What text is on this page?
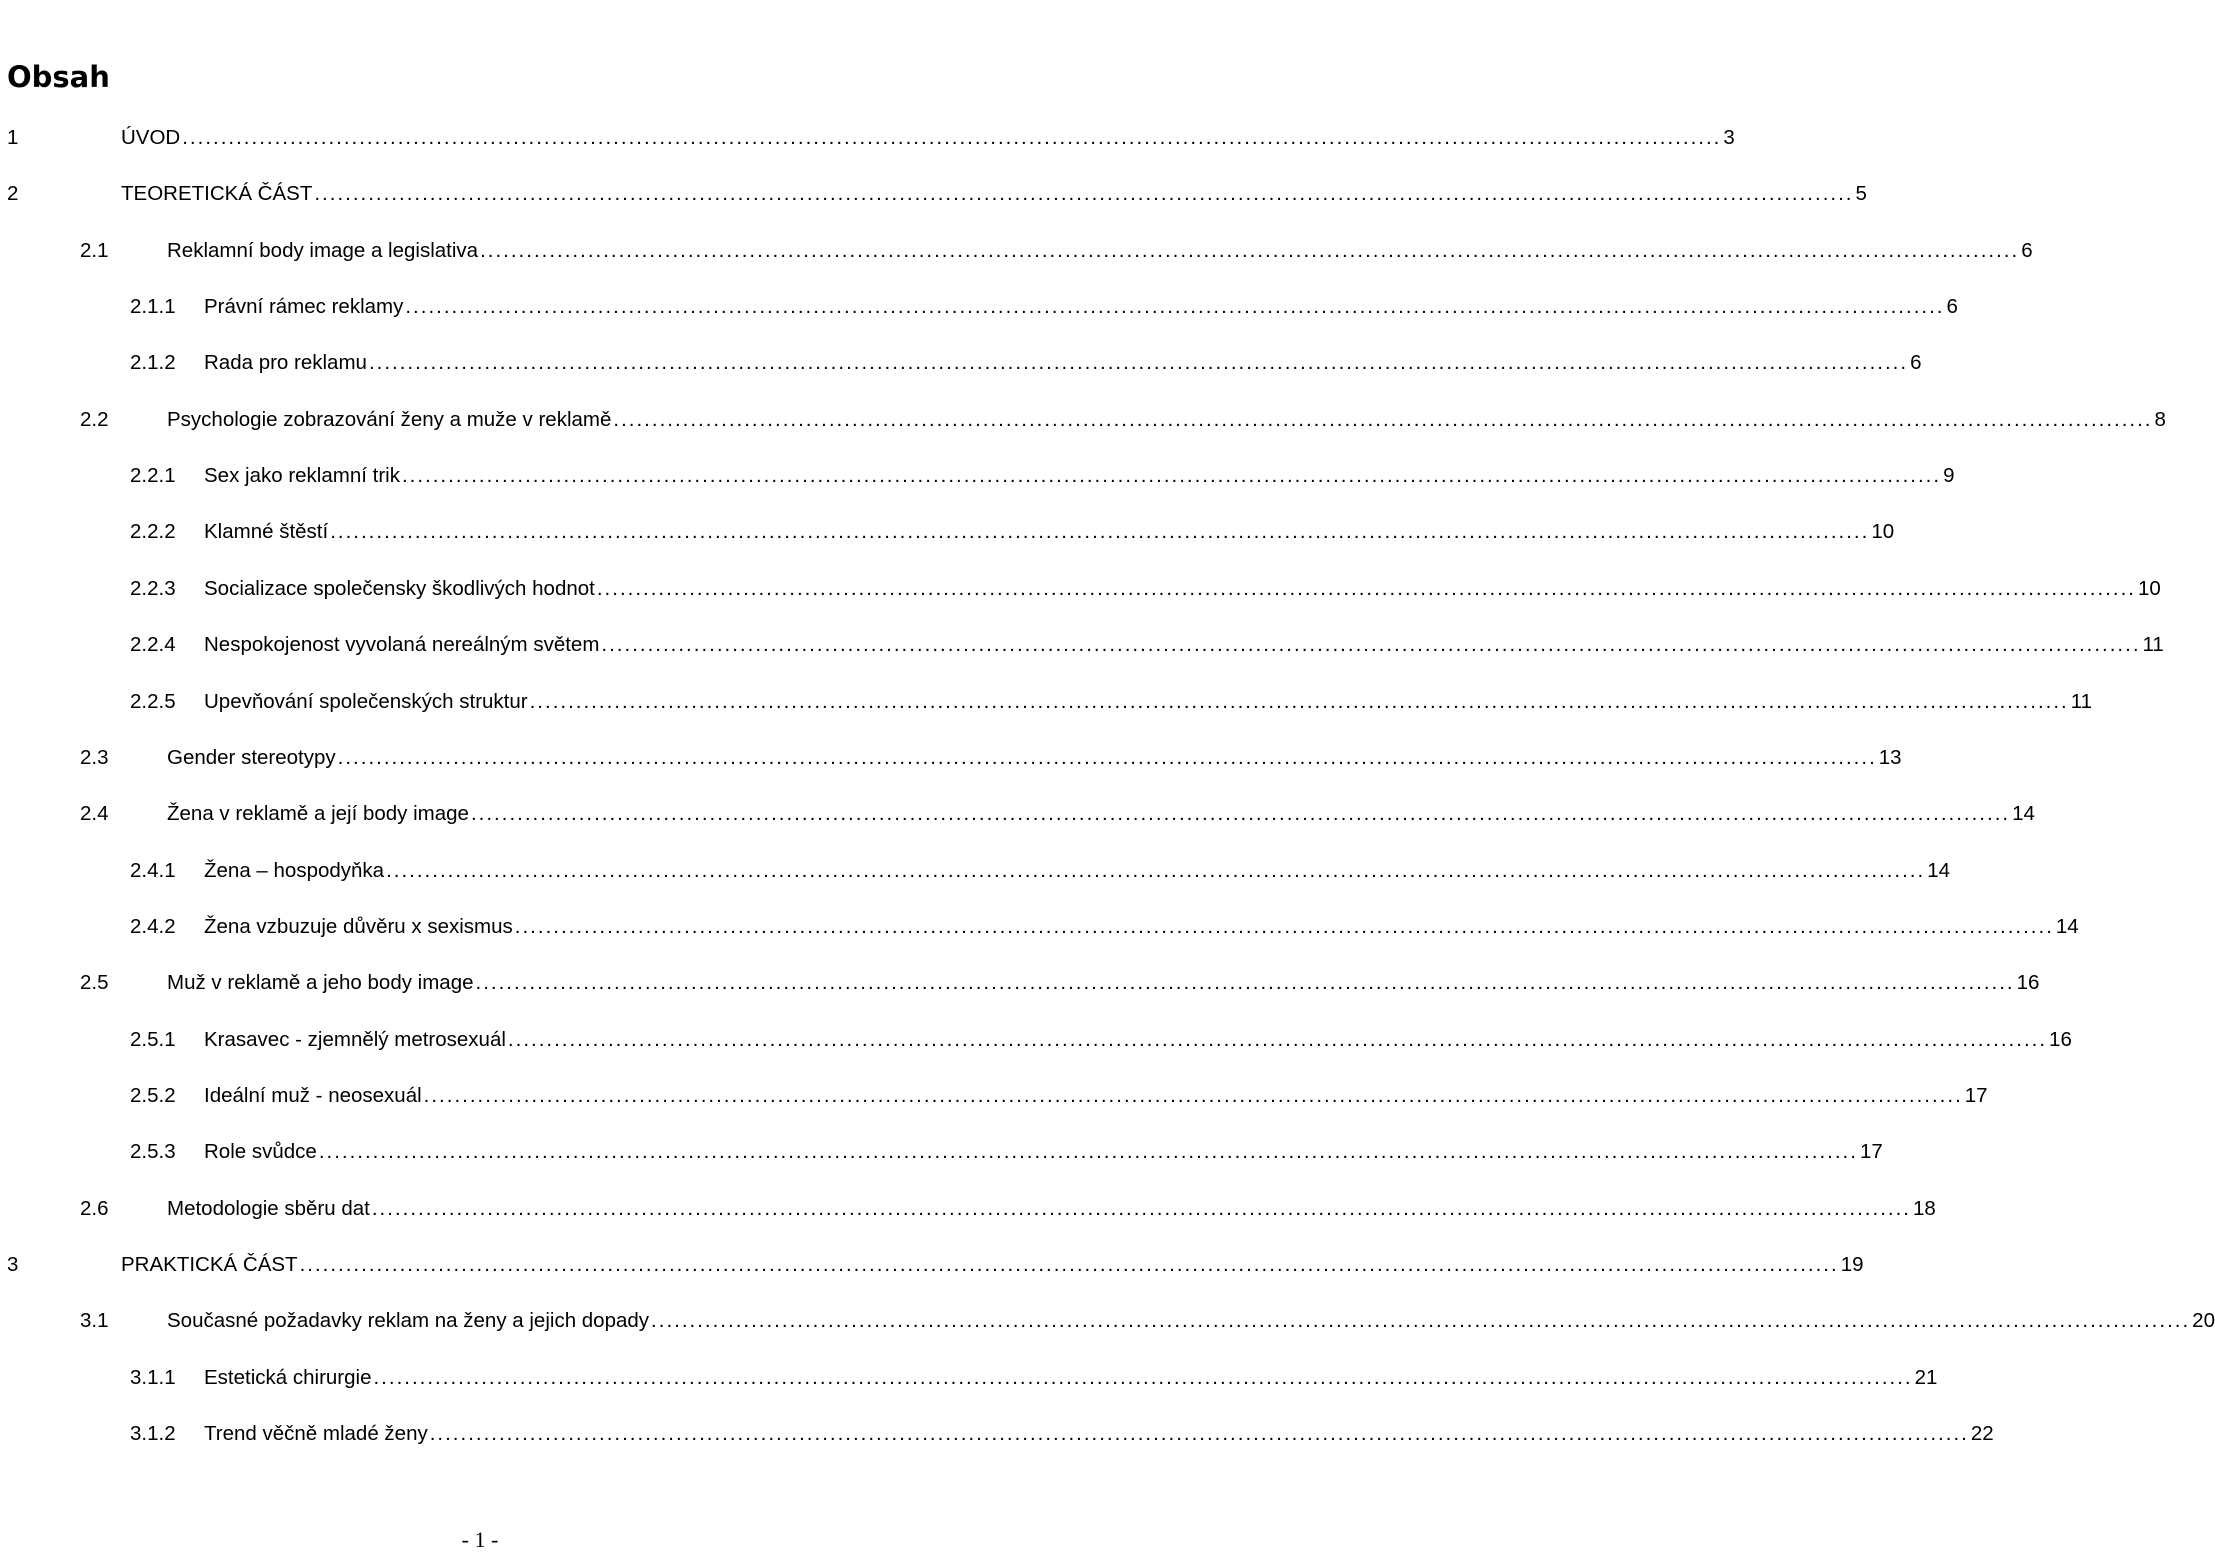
Obsah
1	ÚVOD ........................................................................................................................................................................................................ 3
2	TEORETICKÁ ČÁST ........................................................................................................................................................................................................ 5
2.1	Reklamní body image a legislativa ........................................................................................................................................................................................................ 6
2.1.1 Právní rámec reklamy ........................................................................................................................................................................................................ 6
2.1.2 Rada pro reklamu ........................................................................................................................................................................................................ 6
2.2	Psychologie zobrazování ženy a muže v reklamě ........................................................................................................................................................................................................ 8
2.2.1 Sex jako reklamní trik ........................................................................................................................................................................................................ 9
2.2.2 Klamné štěstí ........................................................................................................................................................................................................ 10
2.2.3 Socializace společensky škodlivých hodnot ........................................................................................................................................................................................................ 10
2.2.4 Nespokojenost vyvolaná nereálným světem ........................................................................................................................................................................................................ 11
2.2.5 Upevňování společenských struktur ........................................................................................................................................................................................................ 11
2.3	Gender stereotypy ........................................................................................................................................................................................................ 13
2.4	Žena v reklamě a její body image ........................................................................................................................................................................................................ 14
2.4.1 Žena – hospodyňka ........................................................................................................................................................................................................ 14
2.4.2 Žena vzbuzuje důvěru x sexismus ........................................................................................................................................................................................................ 14
2.5	Muž v reklamě a jeho body image ........................................................................................................................................................................................................ 16
2.5.1 Krasavec - zjemnělý metrosexuál ........................................................................................................................................................................................................ 16
2.5.2 Ideální muž - neosexuál ........................................................................................................................................................................................................ 17
2.5.3 Role svůdce ........................................................................................................................................................................................................ 17
2.6	Metodologie sběru dat ........................................................................................................................................................................................................ 18
3	PRAKTICKÁ ČÁST ........................................................................................................................................................................................................ 19
3.1	Současné požadavky reklam na ženy a jejich dopady ........................................................................................................................................................................................................ 20
3.1.1 Estetická chirurgie ........................................................................................................................................................................................................ 21
3.1.2 Trend věčně mladé ženy ........................................................................................................................................................................................................ 22
- 1 -
